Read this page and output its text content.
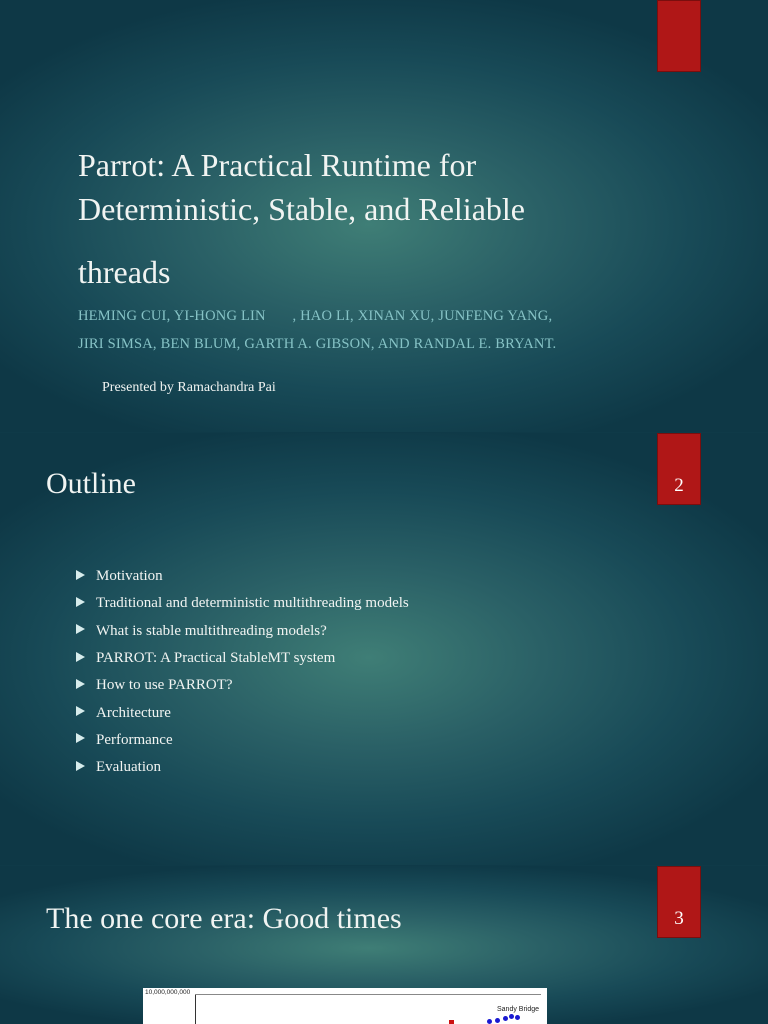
Parrot: A Practical Runtime for
Deterministic, Stable, and Reliable
threads
HEMING CUI, YI-HONG LIN       , HAO LI, XINAN XU, JUNFENG YANG,
JIRI SIMSA, BEN BLUM, GARTH A. GIBSON, AND RANDAL E. BRYANT.
Presented by Ramachandra Pai
2
Outline
Motivation
Traditional and deterministic multithreading models
What is stable multithreading models?
PARROT: A Practical StableMT system
How to use PARROT?
Architecture
Performance
Evaluation
3
The one core era: Good times
10,000,000,000
Sandy Bridge
